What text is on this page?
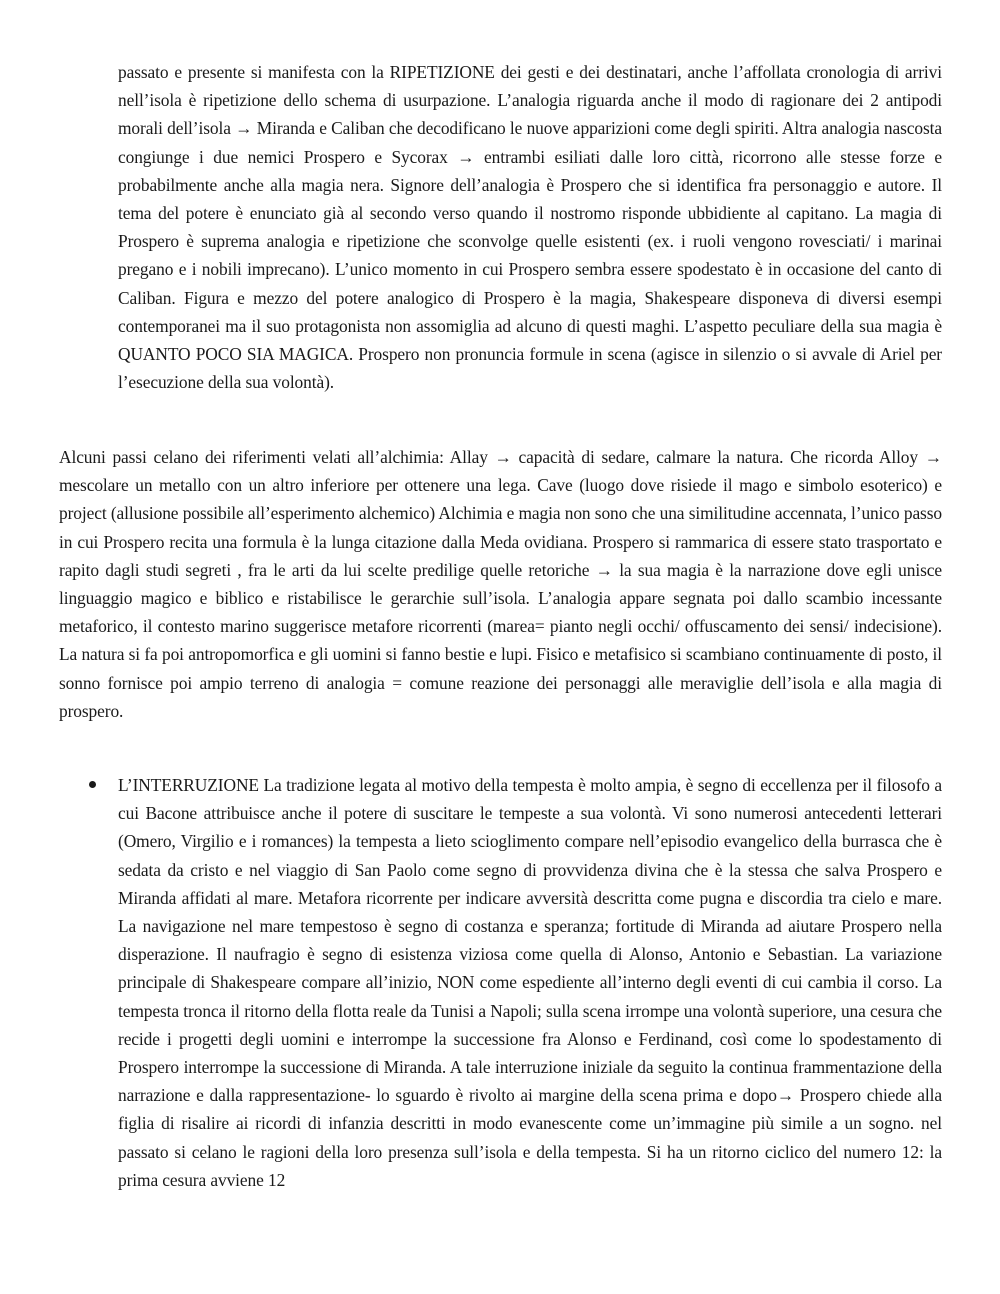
passato e presente si manifesta con la RIPETIZIONE dei gesti e dei destinatari, anche l’affollata cronologia di arrivi nell’isola è ripetizione dello schema di usurpazione. L’analogia riguarda anche il modo di ragionare dei 2 antipodi morali dell’isola → Miranda e Caliban che decodificano le nuove apparizioni come degli spiriti. Altra analogia nascosta congiunge i due nemici Prospero e Sycorax → entrambi esiliati dalle loro città, ricorrono alle stesse forze e probabilmente anche alla magia nera. Signore dell’analogia è Prospero che si identifica fra personaggio e autore. Il tema del potere è enunciato già al secondo verso quando il nostromo risponde ubbidiente al capitano. La magia di Prospero è suprema analogia e ripetizione che sconvolge quelle esistenti (ex. i ruoli vengono rovesciati/ i marinai pregano e i nobili imprecano). L’unico momento in cui Prospero sembra essere spodestato è in occasione del canto di Caliban. Figura e mezzo del potere analogico di Prospero è la magia, Shakespeare disponeva di diversi esempi contemporanei ma il suo protagonista non assomiglia ad alcuno di questi maghi. L’aspetto peculiare della sua magia è QUANTO POCO SIA MAGICA. Prospero non pronuncia formule in scena (agisce in silenzio o si avvale di Ariel per l’esecuzione della sua volontà).

Alcuni passi celano dei riferimenti velati all’alchimia: Allay → capacità di sedare, calmare la natura. Che ricorda Alloy → mescolare un metallo con un altro inferiore per ottenere una lega. Cave (luogo dove risiede il mago e simbolo esoterico) e project (allusione possibile all’esperimento alchemico) Alchimia e magia non sono che una similitudine accennata, l’unico passo in cui Prospero recita una formula è la lunga citazione dalla Meda ovidiana. Prospero si rammarica di essere stato trasportato e rapito dagli studi segreti , fra le arti da lui scelte predilige quelle retoriche → la sua magia è la narrazione dove egli unisce linguaggio magico e biblico e ristabilisce le gerarchie sull’isola. L’analogia appare segnata poi dallo scambio incessante metaforico, il contesto marino suggerisce metafore ricorrenti (marea= pianto negli occhi/ offuscamento dei sensi/ indecisione). La natura si fa poi antropomorfica e gli uomini si fanno bestie e lupi. Fisico e metafisico si scambiano continuamente di posto, il sonno fornisce poi ampio terreno di analogia = comune reazione dei personaggi alle meraviglie dell’isola e alla magia di prospero.

L’INTERRUZIONE La tradizione legata al motivo della tempesta è molto ampia, è segno di eccellenza per il filosofo a cui Bacone attribuisce anche il potere di suscitare le tempeste a sua volontà. Vi sono numerosi antecedenti letterari (Omero, Virgilio e i romances) la tempesta a lieto scioglimento compare nell’episodio evangelico della burrasca che è sedata da cristo e nel viaggio di San Paolo come segno di provvidenza divina che è la stessa che salva Prospero e Miranda affidati al mare. Metafora ricorrente per indicare avversità descritta come pugna e discordia tra cielo e mare. La navigazione nel mare tempestoso è segno di costanza e speranza; fortitude di Miranda ad aiutare Prospero nella disperazione. Il naufragio è segno di esistenza viziosa come quella di Alonso, Antonio e Sebastian. La variazione principale di Shakespeare compare all’inizio, NON come espediente all’interno degli eventi di cui cambia il corso. La tempesta tronca il ritorno della flotta reale da Tunisi a Napoli; sulla scena irrompe una volontà superiore, una cesura che recide i progetti degli uomini e interrompe la successione fra Alonso e Ferdinand, così come lo spodestamento di Prospero interrompe la successione di Miranda. A tale interruzione iniziale da seguito la continua frammentazione della narrazione e dalla rappresentazione- lo sguardo è rivolto ai margine della scena prima e dopo→ Prospero chiede alla figlia di risalire ai ricordi di infanzia descritti in modo evanescente come un’immagine più simile a un sogno. nel passato si celano le ragioni della loro presenza sull’isola e della tempesta. Si ha un ritorno ciclico del numero 12: la prima cesura avviene 12
